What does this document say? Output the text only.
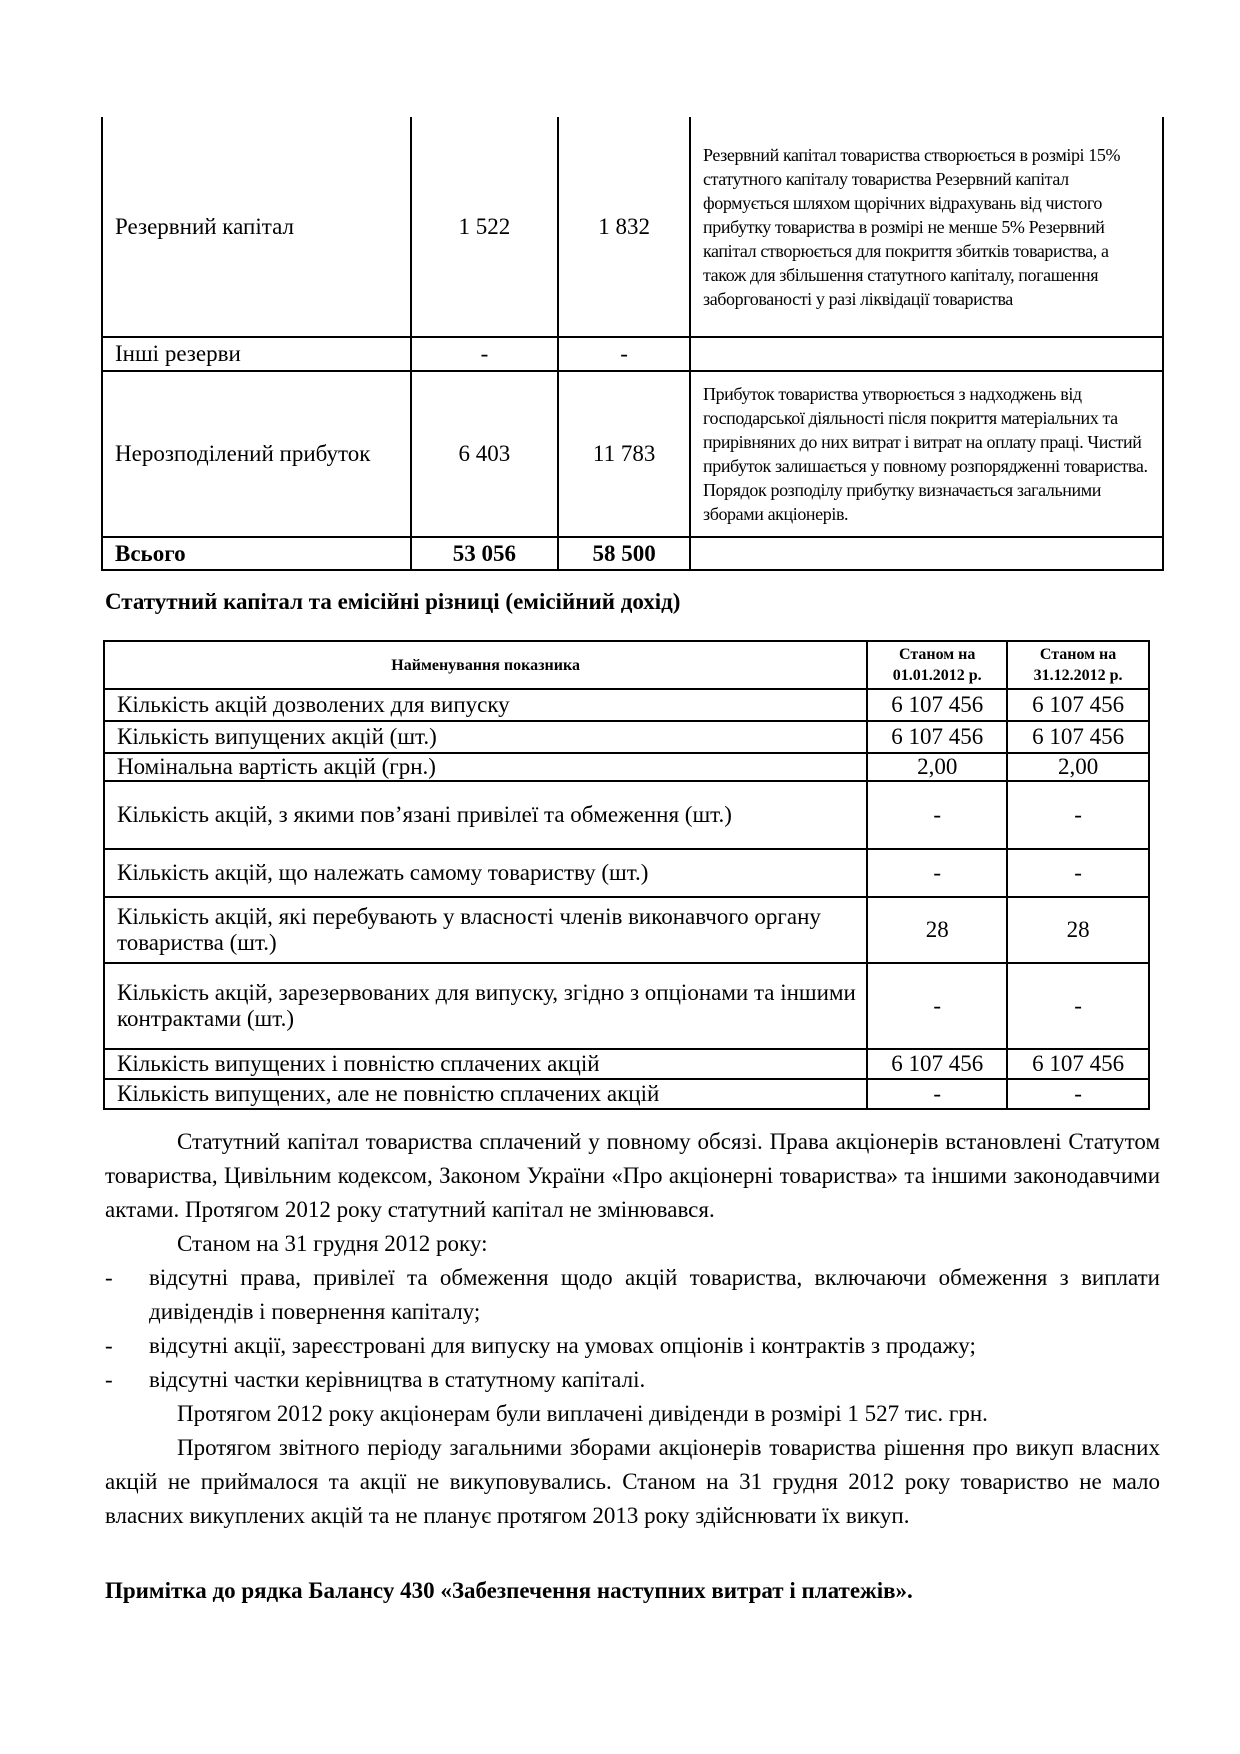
Резервний капітал	1 522	1 832	Резервний капітал товариства створюється в розмірі 15% статутного капіталу товариства Резервний капітал формується шляхом щорічних відрахувань від чистого прибутку товариства в розмірі не менше 5% Резервний капітал створюється для покриття збитків товариства, а також для збільшення статутного капіталу, погашення заборгованості у разі ліквідації товариства
Інші резерви	-	-	
Нерозподілений прибуток	6 403	11 783	Прибуток товариства утворюється з надходжень від господарської діяльності після покриття матеріальних та прирівняних до них витрат і витрат на оплату праці. Чистий прибуток залишається у повному розпорядженні товариства. Порядок розподілу прибутку визначається загальними зборами акціонерів.
Всього	53 056	58 500	
Статутний капітал та емісійні різниці (емісійний дохід)
Найменування показника	Станом на 01.01.2012 р.	Станом на 31.12.2012 р.
Кількість акцій дозволених для випуску	6 107 456	6 107 456
Кількість випущених акцій (шт.)	6 107 456	6 107 456
Номінальна вартість акцій (грн.)	2,00	2,00
Кількість акцій, з якими пов’язані привілеї та обмеження (шт.)	-	-
Кількість акцій, що належать самому товариству (шт.)	-	-
Кількість акцій, які перебувають у власності членів виконавчого органу товариства (шт.)	28	28
Кількість акцій, зарезервованих для випуску, згідно з опціонами та іншими контрактами (шт.)	-	-
Кількість випущених і повністю сплачених акцій	6 107 456	6 107 456
Кількість випущених, але не повністю сплачених акцій	-	-
Статутний капітал товариства сплачений у повному обсязі. Права акціонерів встановлені Статутом товариства, Цивільним кодексом, Законом України «Про акціонерні товариства» та іншими законодавчими актами. Протягом 2012 року статутний капітал не змінювався.
Станом на 31 грудня 2012 року:
- відсутні права, привілеї та обмеження щодо акцій товариства, включаючи обмеження з виплати дивідендів і повернення капіталу;
- відсутні акції, зареєстровані для випуску на умовах опціонів і контрактів з продажу;
- відсутні частки керівництва в статутному капіталі.
Протягом 2012 року акціонерам були виплачені дивіденди в розмірі 1 527 тис. грн.
Протягом звітного періоду загальними зборами акціонерів товариства рішення про викуп власних акцій не приймалося та акції не викуповувались. Станом на 31 грудня 2012 року товариство не мало власних викуплених акцій та не планує протягом 2013 року здійснювати їх викуп.
Примітка до рядка Балансу 430 «Забезпечення наступних витрат і платежів».
